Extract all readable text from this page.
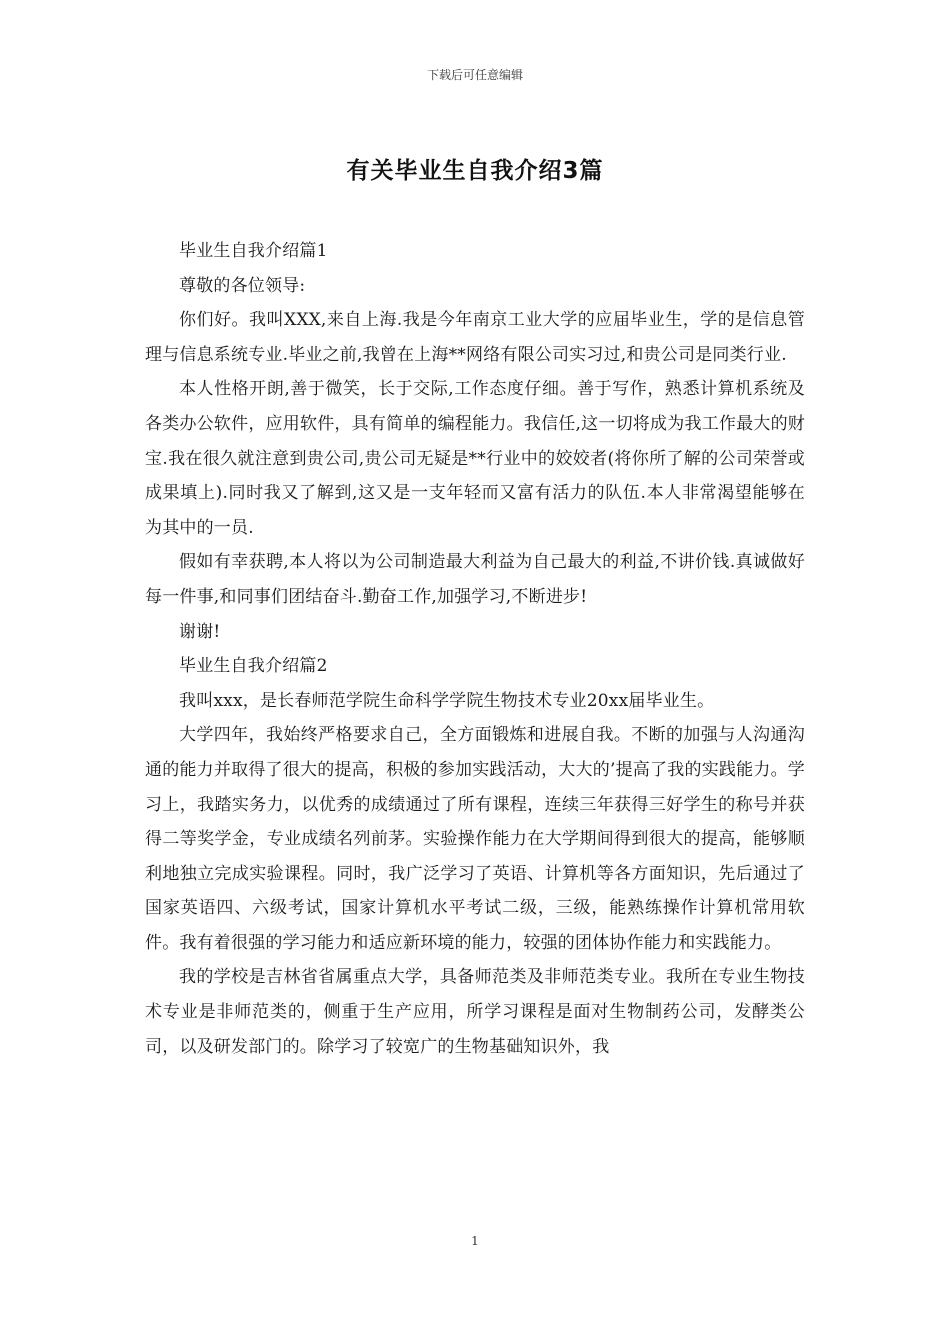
下载后可任意编辑
有关毕业生自我介绍3篇

毕业生自我介绍篇1

尊敬的各位领导:

你们好。我叫XXX,来自上海.我是今年南京工业大学的应届毕业生，学的是信息管理与信息系统专业.毕业之前,我曾在上海**网络有限公司实习过,和贵公司是同类行业.

本人性格开朗,善于微笑，长于交际,工作态度仔细。善于写作，熟悉计算机系统及各类办公软件，应用软件，具有简单的编程能力。我信任,这一切将成为我工作最大的财宝.我在很久就注意到贵公司,贵公司无疑是**行业中的姣姣者(将你所了解的公司荣誉或成果填上).同时我又了解到,这又是一支年轻而又富有活力的队伍.本人非常渴望能够在为其中的一员.

假如有幸获聘,本人将以为公司制造最大利益为自己最大的利益,不讲价钱.真诚做好每一件事,和同事们团结奋斗.勤奋工作,加强学习,不断进步!

谢谢!

毕业生自我介绍篇2

我叫xxx，是长春师范学院生命科学学院生物技术专业20xx届毕业生。

大学四年，我始终严格要求自己，全方面锻炼和进展自我。不断的加强与人沟通沟通的能力并取得了很大的提高，积极的参加实践活动，大大的’提高了我的实践能力。学习上，我踏实务力，以优秀的成绩通过了所有课程，连续三年获得三好学生的称号并获得二等奖学金，专业成绩名列前茅。实验操作能力在大学期间得到很大的提高，能够顺利地独立完成实验课程。同时，我广泛学习了英语、计算机等各方面知识，先后通过了国家英语四、六级考试，国家计算机水平考试二级，三级，能熟练操作计算机常用软件。我有着很强的学习能力和适应新环境的能力，较强的团体协作能力和实践能力。

我的学校是吉林省省属重点大学，具备师范类及非师范类专业。我所在专业生物技术专业是非师范类的，侧重于生产应用，所学习课程是面对生物制药公司，发酵类公司，以及研发部门的。除学习了较宽广的生物基础知识外，我

1
